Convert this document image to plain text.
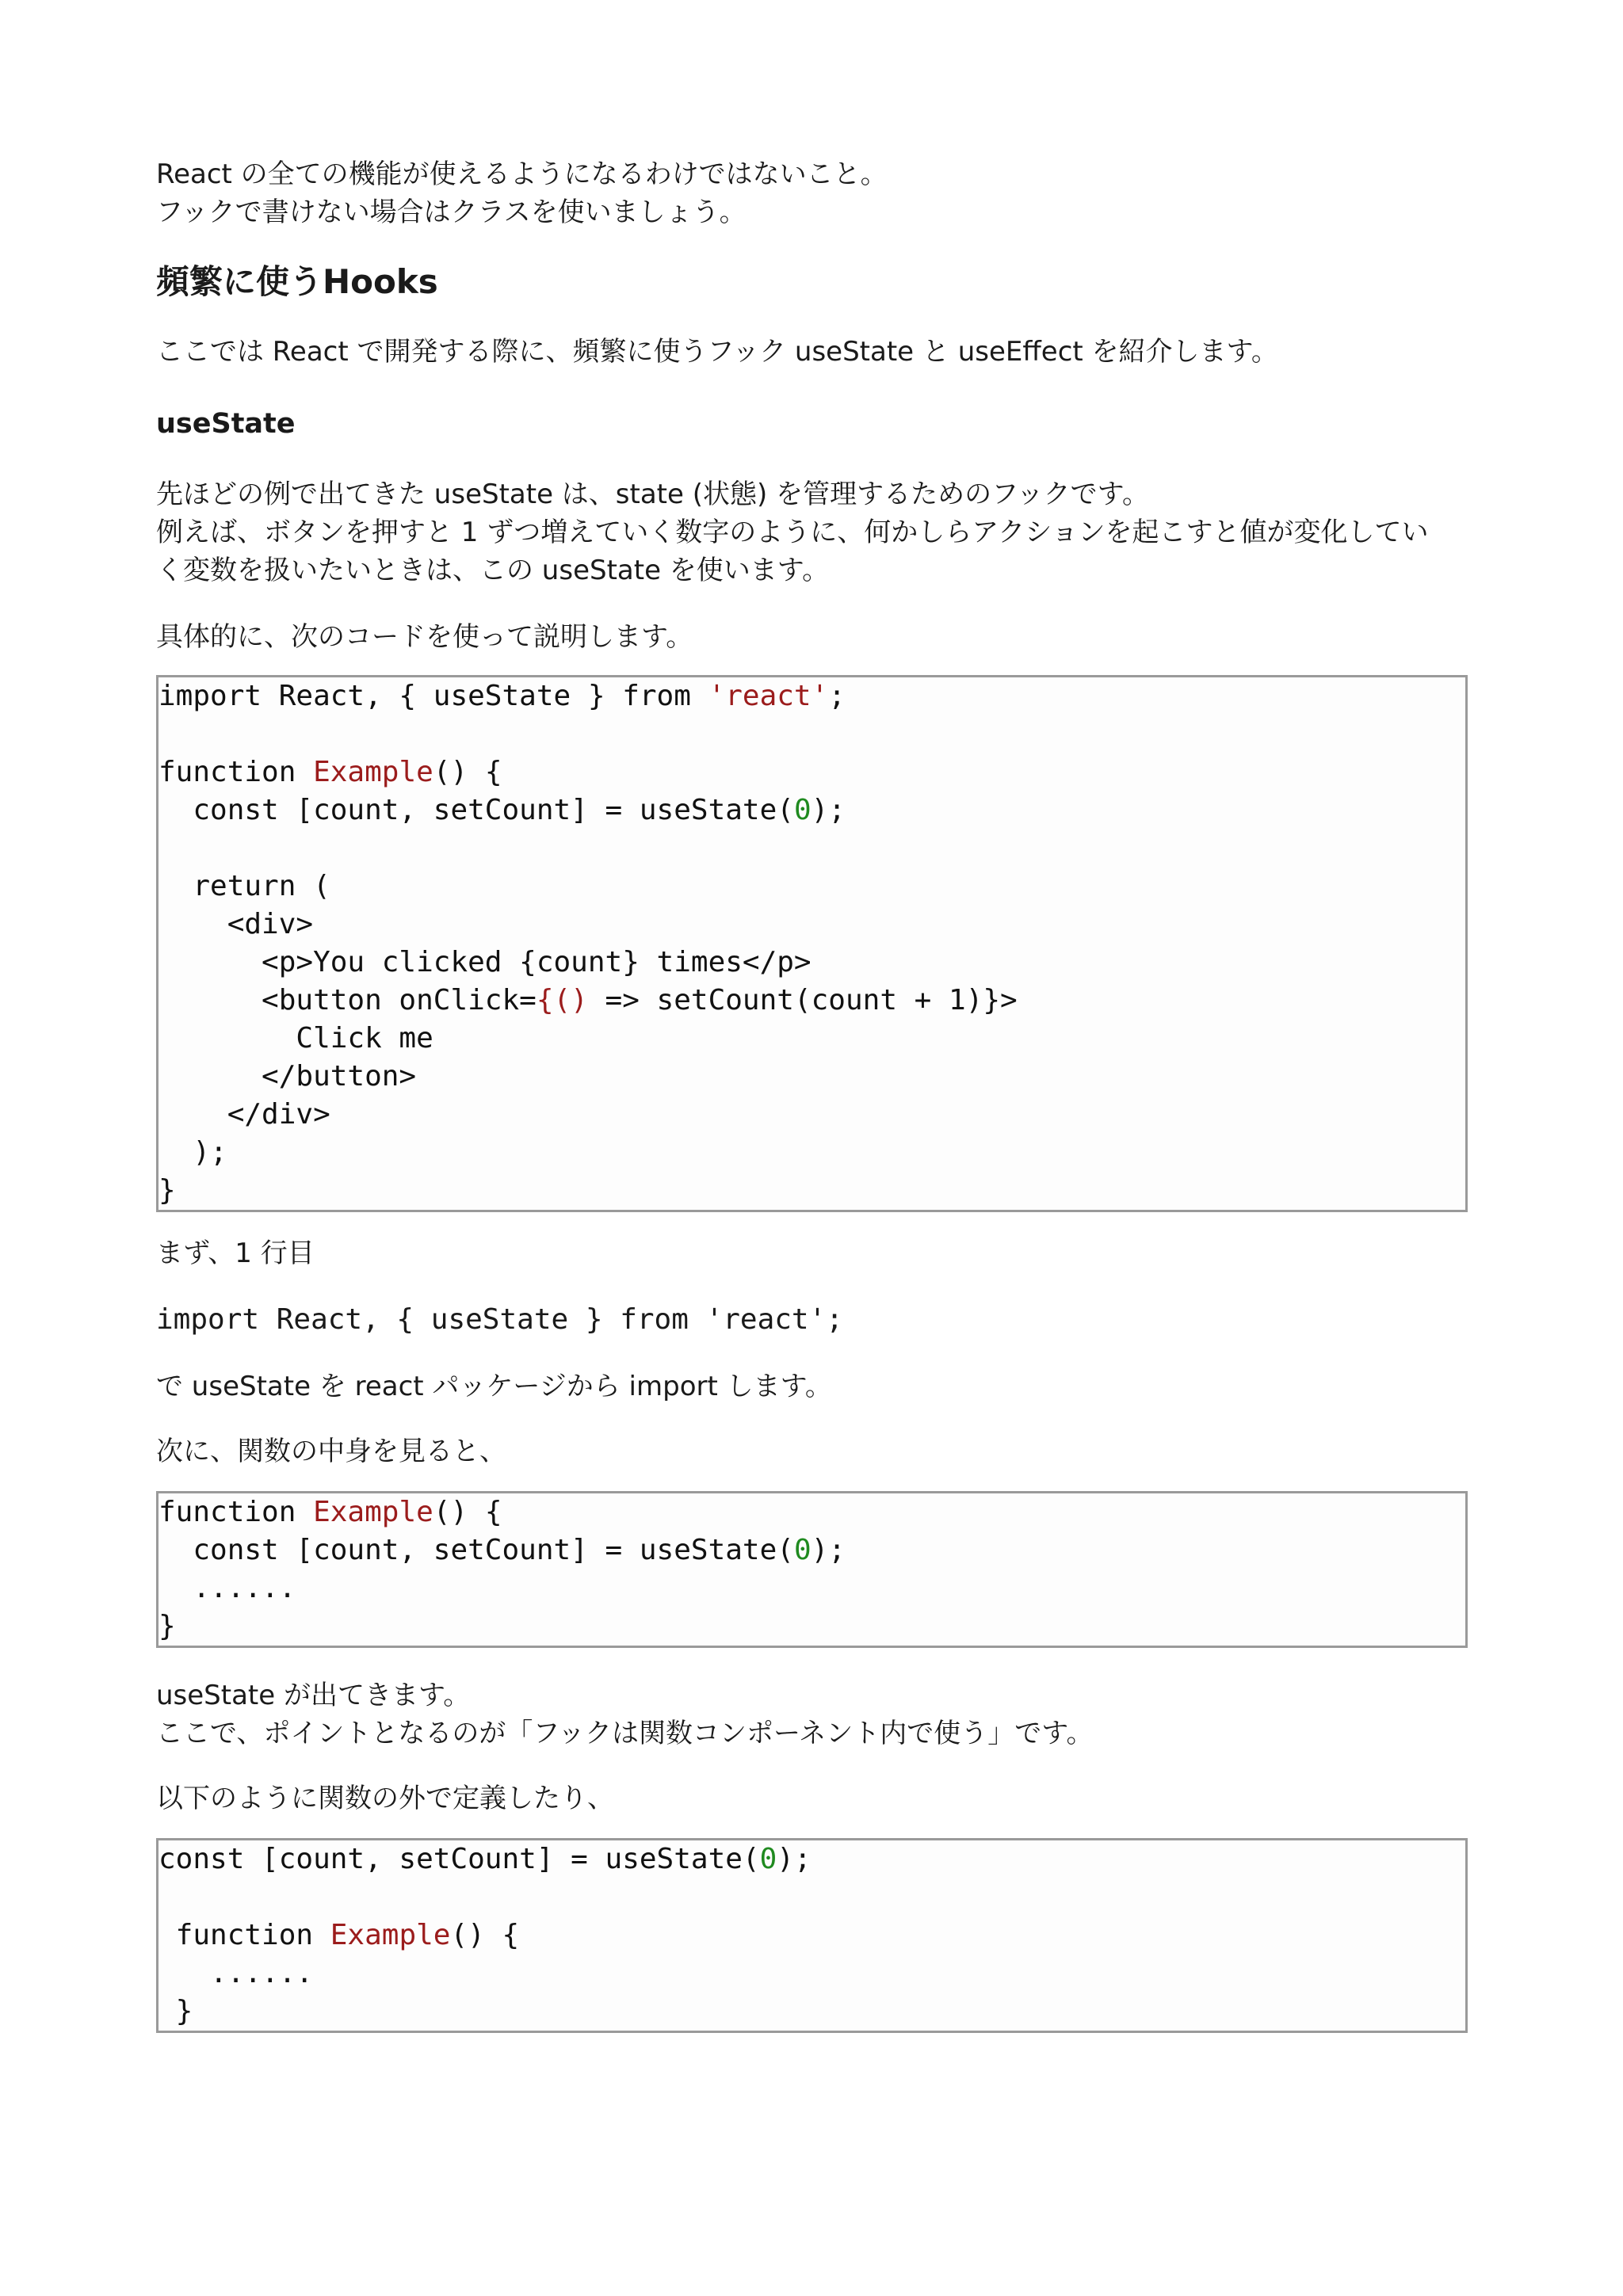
React の全ての機能が使えるようになるわけではないこと。

フックで書けない場合はクラスを使いましょう。

頻繁に使うHooks

ここでは React で開発する際に、頻繁に使うフック useState と useEffect を紹介します。

useState

先ほどの例で出てきた useState は、state (状態) を管理するためのフックです。

例えば、ボタンを押すと 1 ずつ増えていく数字のように、何かしらアクションを起こすと値が変化してい

く変数を扱いたいときは、この useState を使います。

具体的に、次のコードを使って説明します。

import React, { useState } from 'react';

function Example() {
const [count, setCount] = useState(0);

return (
<div>
<p>You clicked {count} times</p>
<button onClick={() => setCount(count + 1)}>
Click me
</button>
</div>
);
}

まず、1 行目

import React, { useState } from 'react';

で useState を react パッケージから import します。

次に、関数の中身を見ると、

function Example() {
const [count, setCount] = useState(0);
......
}

useState が出てきます。

ここで、ポイントとなるのが「フックは関数コンポーネント内で使う」です。

以下のように関数の外で定義したり、

const [count, setCount] = useState(0);

function Example() {
......
}
